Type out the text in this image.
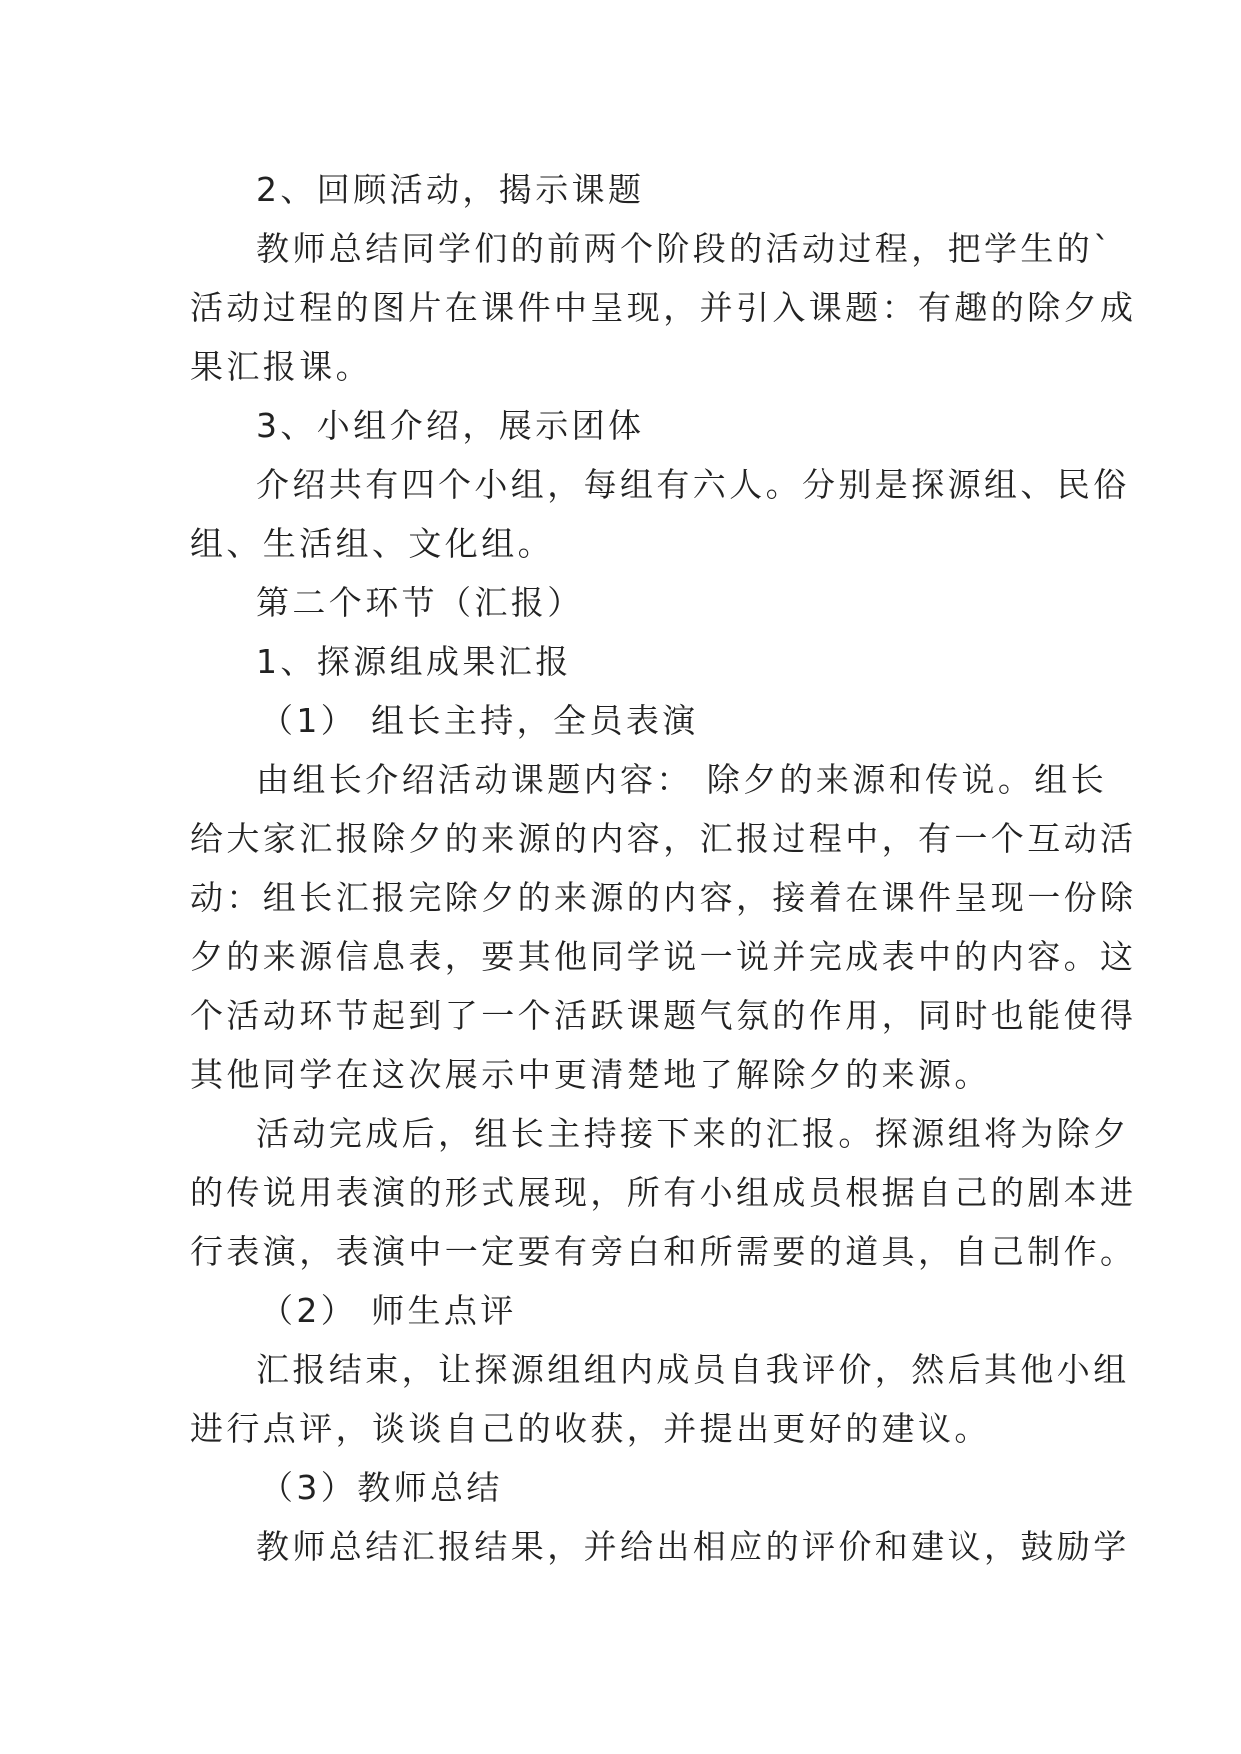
2、回顾活动，揭示课题
教师总结同学们的前两个阶段的活动过程，把学生的`
活动过程的图片在课件中呈现，并引入课题：有趣的除夕成
果汇报课。
3、小组介绍，展示团体
介绍共有四个小组，每组有六人。分别是探源组、民俗
组、生活组、文化组。
第二个环节（汇报）
1、探源组成果汇报
（1） 组长主持，全员表演
由组长介绍活动课题内容： 除夕的来源和传说。组长
给大家汇报除夕的来源的内容，汇报过程中，有一个互动活
动：组长汇报完除夕的来源的内容，接着在课件呈现一份除
夕的来源信息表，要其他同学说一说并完成表中的内容。这
个活动环节起到了一个活跃课题气氛的作用，同时也能使得
其他同学在这次展示中更清楚地了解除夕的来源。
活动完成后，组长主持接下来的汇报。探源组将为除夕
的传说用表演的形式展现，所有小组成员根据自己的剧本进
行表演，表演中一定要有旁白和所需要的道具，自己制作。
（2） 师生点评
汇报结束，让探源组组内成员自我评价，然后其他小组
进行点评，谈谈自己的收获，并提出更好的建议。
（3）教师总结
教师总结汇报结果，并给出相应的评价和建议，鼓励学
